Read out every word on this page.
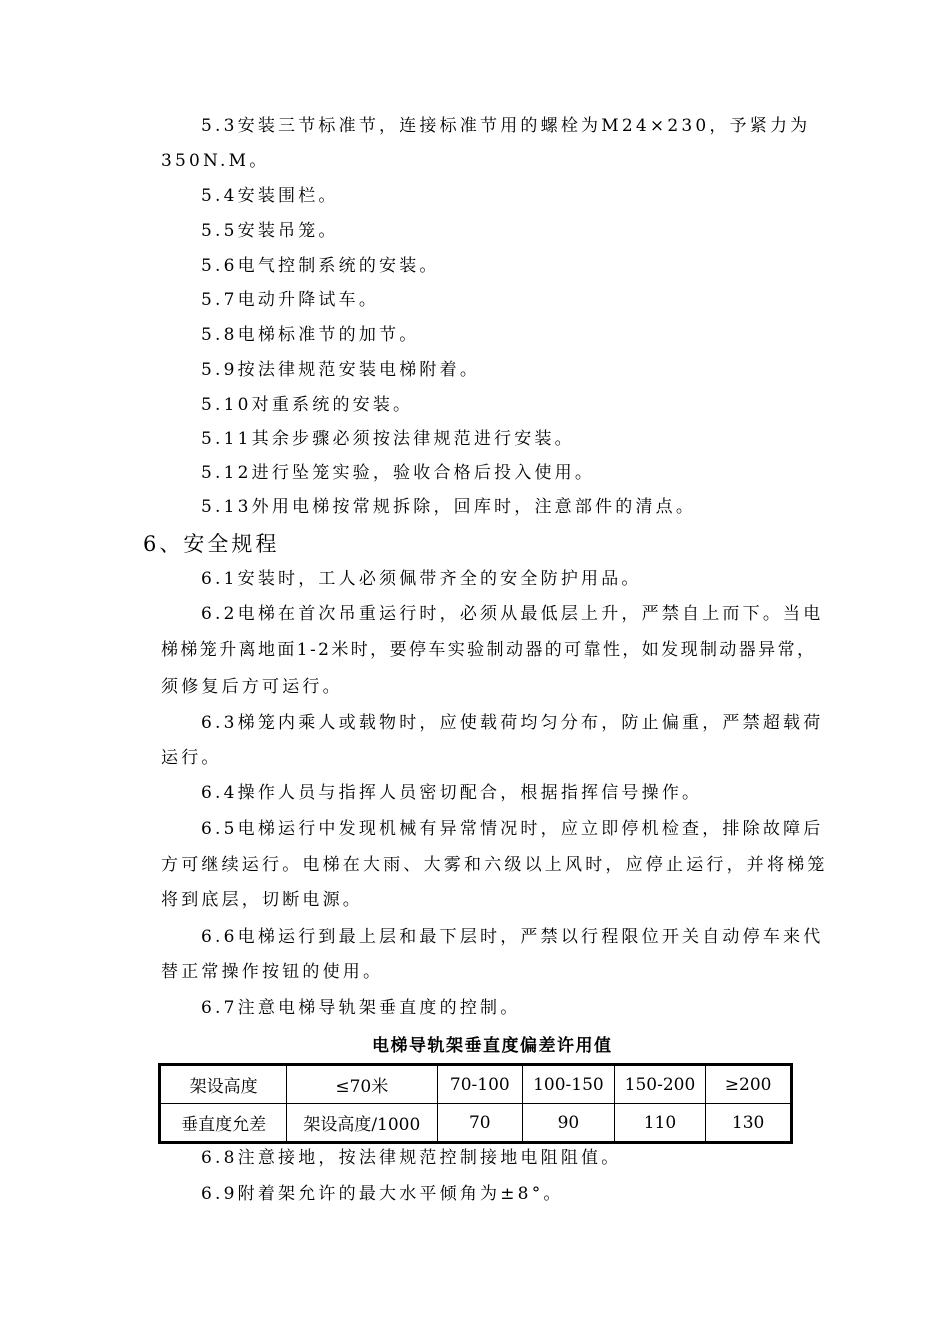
5.3安装三节标准节，连接标准节用的螺栓为M24×230，予紧力为
350N.M。
5.4安装围栏。
5.5安装吊笼。
5.6电气控制系统的安装。
5.7电动升降试车。
5.8电梯标准节的加节。
5.9按法律规范安装电梯附着。
5.10对重系统的安装。
5.11其余步骤必须按法律规范进行安装。
5.12进行坠笼实验，验收合格后投入使用。
5.13外用电梯按常规拆除，回库时，注意部件的清点。
6、安全规程
6.1安装时，工人必须佩带齐全的安全防护用品。
6.2电梯在首次吊重运行时，必须从最低层上升，严禁自上而下。当电
梯梯笼升离地面1-2米时，要停车实验制动器的可靠性，如发现制动器异常，
须修复后方可运行。
6.3梯笼内乘人或载物时，应使载荷均匀分布，防止偏重，严禁超载荷
运行。
6.4操作人员与指挥人员密切配合，根据指挥信号操作。
6.5电梯运行中发现机械有异常情况时，应立即停机检查，排除故障后
方可继续运行。电梯在大雨、大雾和六级以上风时，应停止运行，并将梯笼
将到底层，切断电源。
6.6电梯运行到最上层和最下层时，严禁以行程限位开关自动停车来代
替正常操作按钮的使用。
6.7注意电梯导轨架垂直度的控制。
电梯导轨架垂直度偏差许用值
架设高度	≤70米	70-100	100-150	150-200	≥200
垂直度允差	架设高度/1000	70	90	110	130
6.8注意接地，按法律规范控制接地电阻阻值。
6.9附着架允许的最大水平倾角为±8°。
